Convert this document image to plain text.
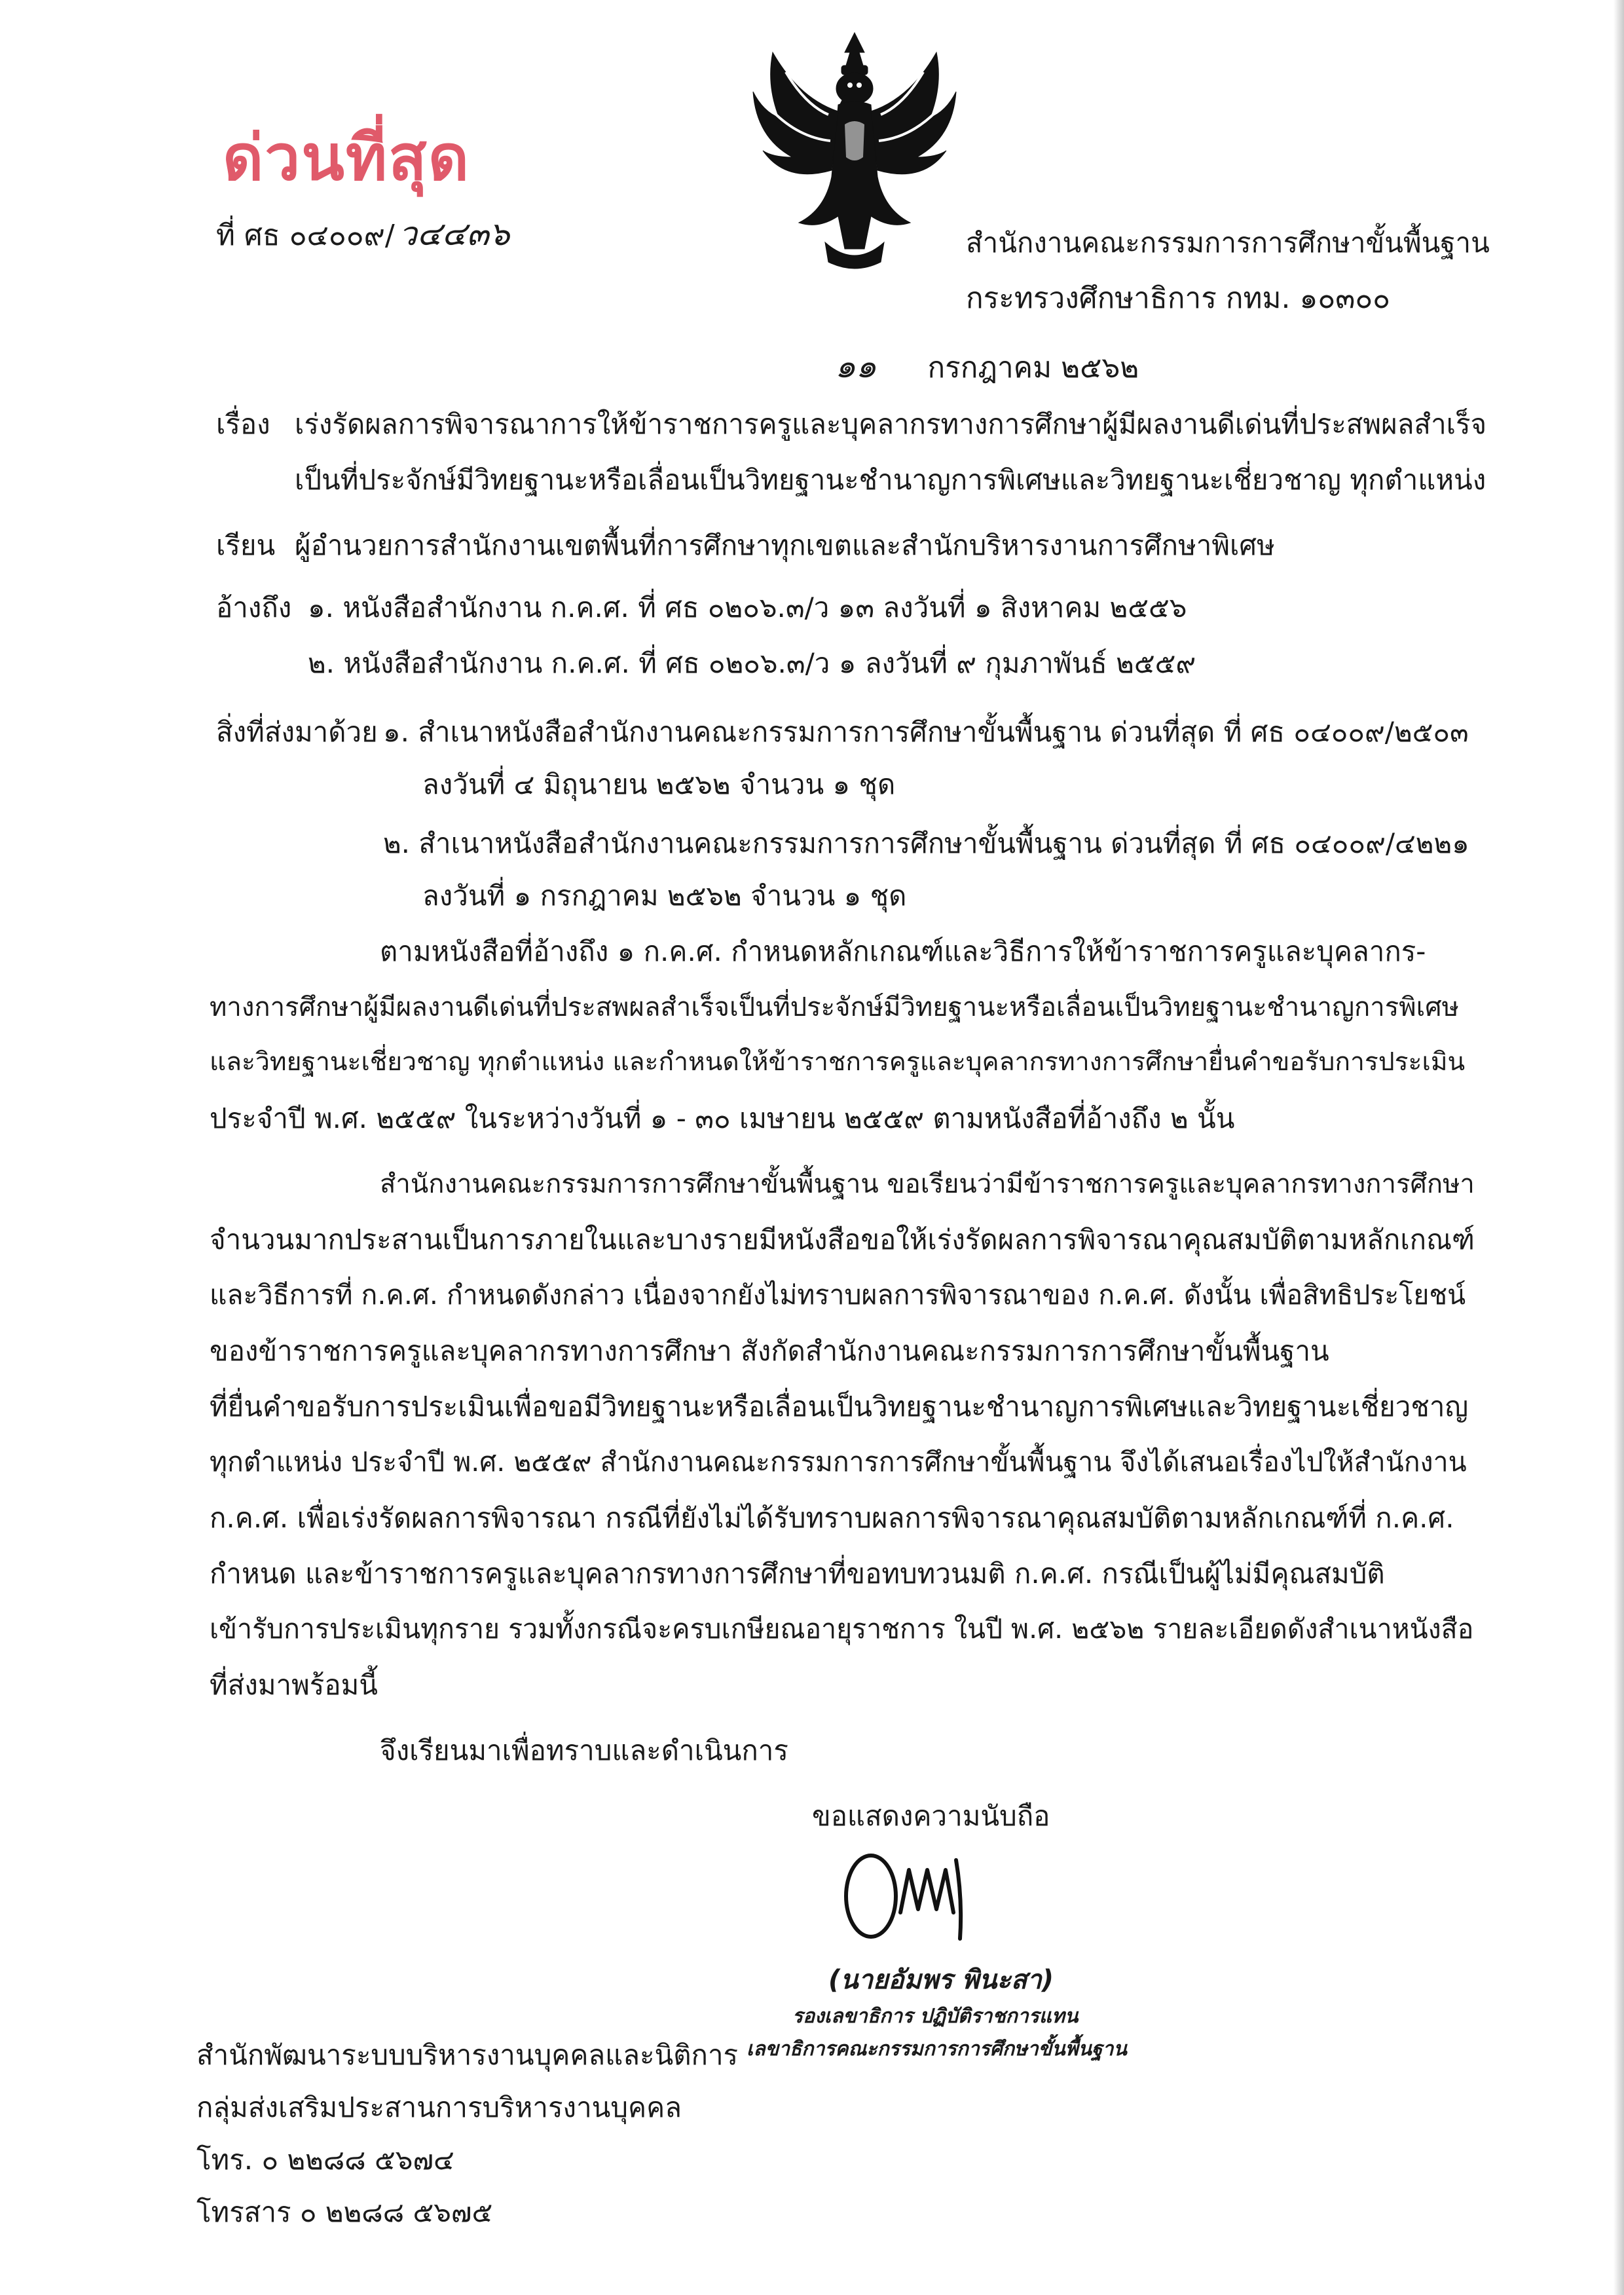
ด่วนที่สุด
ที่ ศธ ๐๔๐๐๙/ ว๔๔๓๖	สำนักงานคณะกรรมการการศึกษาขั้นพื้นฐาน
กระทรวงศึกษาธิการ กทม. ๑๐๓๐๐
๑๑ กรกฎาคม ๒๕๖๒
เรื่อง เร่งรัดผลการพิจารณาการให้ข้าราชการครูและบุคลากรทางการศึกษาผู้มีผลงานดีเด่นที่ประสพผลสำเร็จ
เป็นที่ประจักษ์มีวิทยฐานะหรือเลื่อนเป็นวิทยฐานะชำนาญการพิเศษและวิทยฐานะเชี่ยวชาญ ทุกตำแหน่ง
เรียน ผู้อำนวยการสำนักงานเขตพื้นที่การศึกษาทุกเขตและสำนักบริหารงานการศึกษาพิเศษ
อ้างถึง ๑. หนังสือสำนักงาน ก.ค.ศ. ที่ ศธ ๐๒๐๖.๓/ว ๑๓ ลงวันที่ ๑ สิงหาคม ๒๕๕๖
๒. หนังสือสำนักงาน ก.ค.ศ. ที่ ศธ ๐๒๐๖.๓/ว ๑ ลงวันที่ ๙ กุมภาพันธ์ ๒๕๕๙
สิ่งที่ส่งมาด้วย ๑. สำเนาหนังสือสำนักงานคณะกรรมการการศึกษาขั้นพื้นฐาน ด่วนที่สุด ที่ ศธ ๐๔๐๐๙/๒๕๐๓
ลงวันที่ ๔ มิถุนายน ๒๕๖๒ จำนวน ๑ ชุด
๒. สำเนาหนังสือสำนักงานคณะกรรมการการศึกษาขั้นพื้นฐาน ด่วนที่สุด ที่ ศธ ๐๔๐๐๙/๔๒๒๑
ลงวันที่ ๑ กรกฎาคม ๒๕๖๒ จำนวน ๑ ชุด
ตามหนังสือที่อ้างถึง ๑ ก.ค.ศ. กำหนดหลักเกณฑ์และวิธีการให้ข้าราชการครูและบุคลากร-
ทางการศึกษาผู้มีผลงานดีเด่นที่ประสพผลสำเร็จเป็นที่ประจักษ์มีวิทยฐานะหรือเลื่อนเป็นวิทยฐานะชำนาญการพิเศษ
และวิทยฐานะเชี่ยวชาญ ทุกตำแหน่ง และกำหนดให้ข้าราชการครูและบุคลากรทางการศึกษายื่นคำขอรับการประเมิน
ประจำปี พ.ศ. ๒๕๕๙ ในระหว่างวันที่ ๑ - ๓๐ เมษายน ๒๕๕๙ ตามหนังสือที่อ้างถึง ๒ นั้น
สำนักงานคณะกรรมการการศึกษาขั้นพื้นฐาน ขอเรียนว่ามีข้าราชการครูและบุคลากรทางการศึกษา
จำนวนมากประสานเป็นการภายในและบางรายมีหนังสือขอให้เร่งรัดผลการพิจารณาคุณสมบัติตามหลักเกณฑ์
และวิธีการที่ ก.ค.ศ. กำหนดดังกล่าว เนื่องจากยังไม่ทราบผลการพิจารณาของ ก.ค.ศ. ดังนั้น เพื่อสิทธิประโยชน์
ของข้าราชการครูและบุคลากรทางการศึกษา สังกัดสำนักงานคณะกรรมการการศึกษาขั้นพื้นฐาน
ที่ยื่นคำขอรับการประเมินเพื่อขอมีวิทยฐานะหรือเลื่อนเป็นวิทยฐานะชำนาญการพิเศษและวิทยฐานะเชี่ยวชาญ
ทุกตำแหน่ง ประจำปี พ.ศ. ๒๕๕๙ สำนักงานคณะกรรมการการศึกษาขั้นพื้นฐาน จึงได้เสนอเรื่องไปให้สำนักงาน
ก.ค.ศ. เพื่อเร่งรัดผลการพิจารณา กรณีที่ยังไม่ได้รับทราบผลการพิจารณาคุณสมบัติตามหลักเกณฑ์ที่ ก.ค.ศ.
กำหนด และข้าราชการครูและบุคลากรทางการศึกษาที่ขอทบทวนมติ ก.ค.ศ. กรณีเป็นผู้ไม่มีคุณสมบัติ
เข้ารับการประเมินทุกราย รวมทั้งกรณีจะครบเกษียณอายุราชการ ในปี พ.ศ. ๒๕๖๒ รายละเอียดดังสำเนาหนังสือ
ที่ส่งมาพร้อมนี้
จึงเรียนมาเพื่อทราบและดำเนินการ
ขอแสดงความนับถือ
(นายอัมพร พินะสา)
รองเลขาธิการ ปฏิบัติราชการแทน
เลขาธิการคณะกรรมการการศึกษาขั้นพื้นฐาน
สำนักพัฒนาระบบบริหารงานบุคคลและนิติการ
กลุ่มส่งเสริมประสานการบริหารงานบุคคล
โทร. ๐ ๒๒๘๘ ๕๖๗๔
โทรสาร ๐ ๒๒๘๘ ๕๖๗๕
